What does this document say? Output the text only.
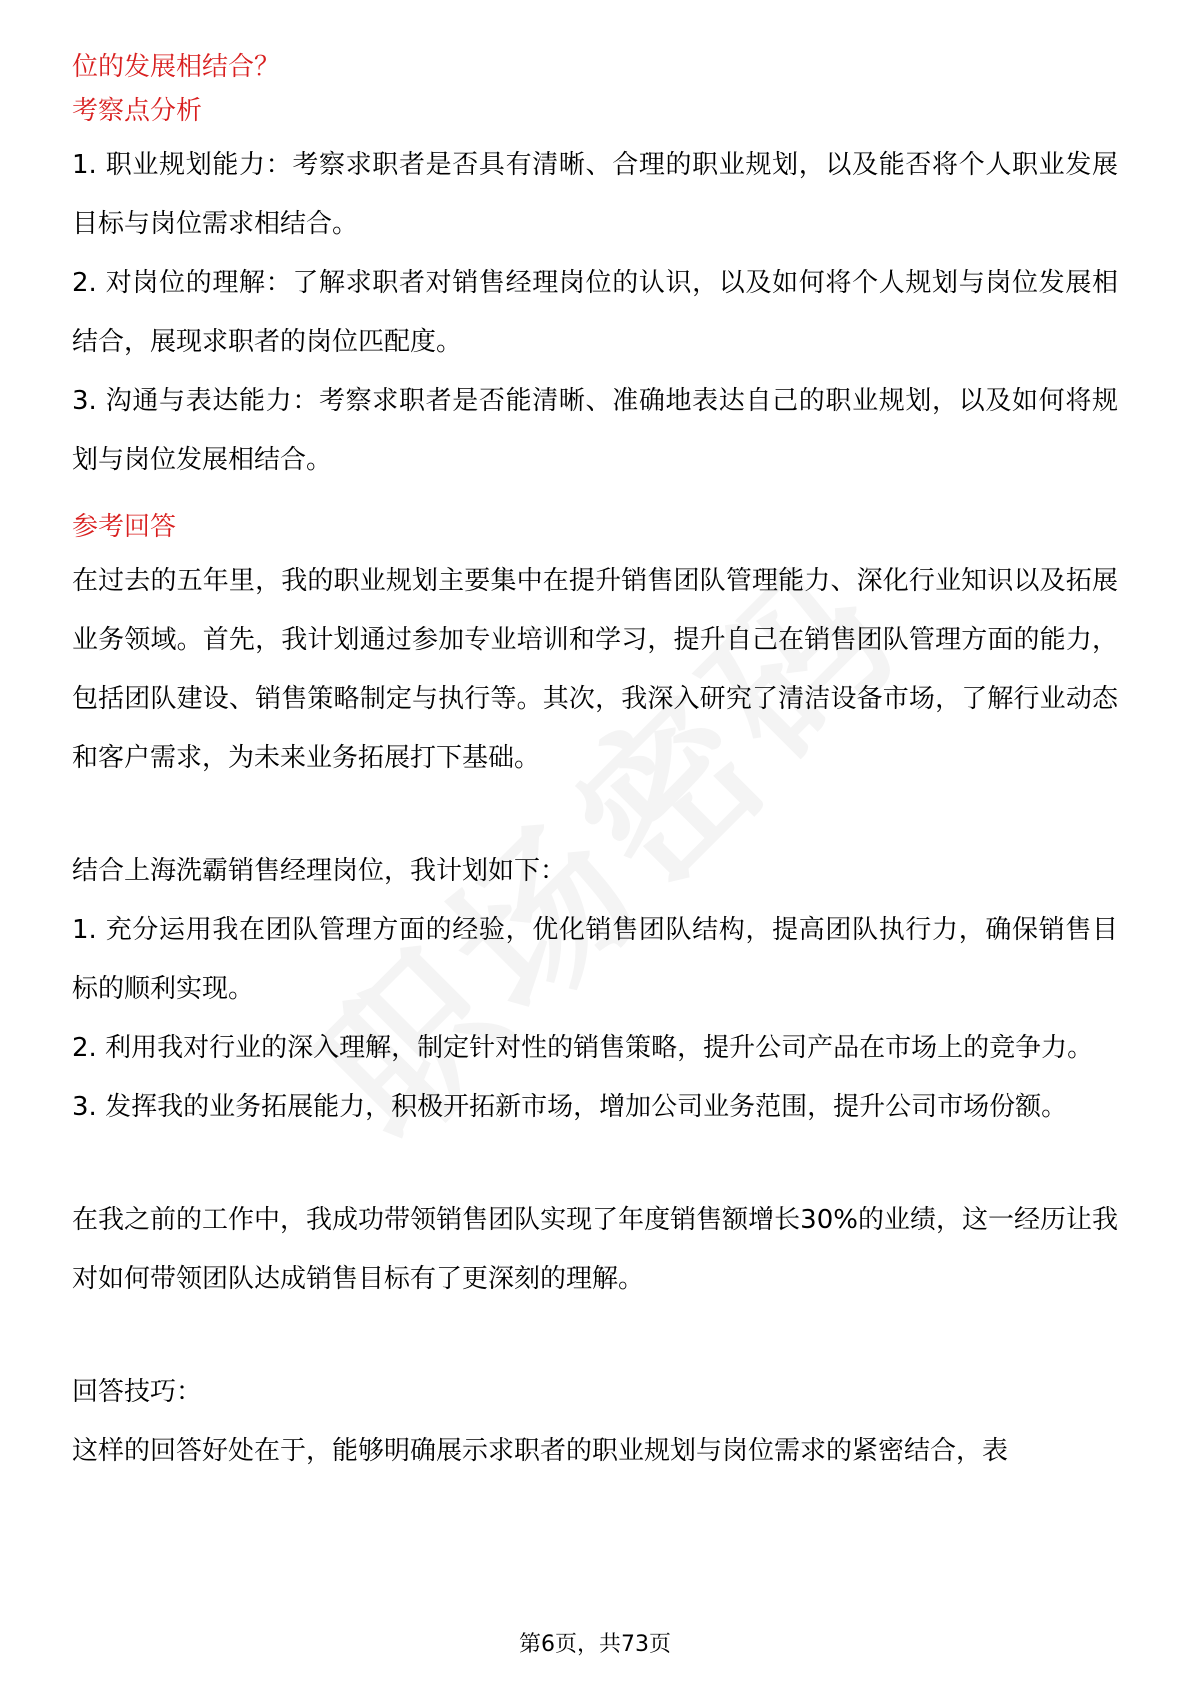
位的发展相结合？

考察点分析

1. 职业规划能力：考察求职者是否具有清晰、合理的职业规划，以及能否将个人职业发展目标与岗位需求相结合。

2. 对岗位的理解：了解求职者对销售经理岗位的认识，以及如何将个人规划与岗位发展相结合，展现求职者的岗位匹配度。

3. 沟通与表达能力：考察求职者是否能清晰、准确地表达自己的职业规划，以及如何将规划与岗位发展相结合。

参考回答

在过去的五年里，我的职业规划主要集中在提升销售团队管理能力、深化行业知识以及拓展业务领域。首先，我计划通过参加专业培训和学习，提升自己在销售团队管理方面的能力，包括团队建设、销售策略制定与执行等。其次，我深入研究了清洁设备市场，了解行业动态和客户需求，为未来业务拓展打下基础。

结合上海洗霸销售经理岗位，我计划如下：

1. 充分运用我在团队管理方面的经验，优化销售团队结构，提高团队执行力，确保销售目标的顺利实现。

2. 利用我对行业的深入理解，制定针对性的销售策略，提升公司产品在市场上的竞争力。

3. 发挥我的业务拓展能力，积极开拓新市场，增加公司业务范围，提升公司市场份额。

在我之前的工作中，我成功带领销售团队实现了年度销售额增长30%的业绩，这一经历让我对如何带领团队达成销售目标有了更深刻的理解。

回答技巧：

这样的回答好处在于，能够明确展示求职者的职业规划与岗位需求的紧密结合，表

第6页，共73页
